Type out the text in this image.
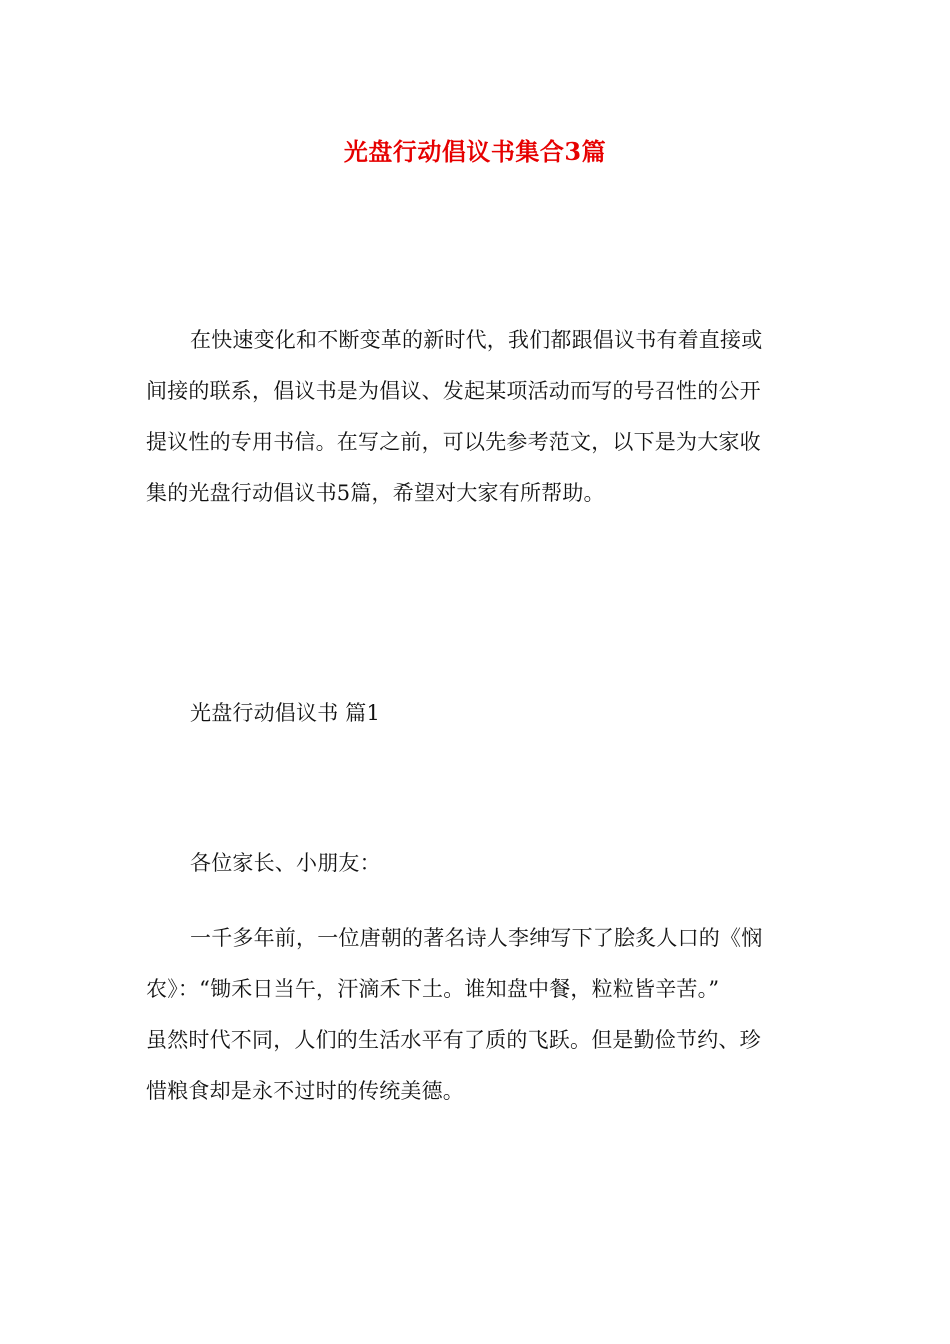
光盘行动倡议书集合3篇
在快速变化和不断变革的新时代，我们都跟倡议书有着直接或
间接的联系，倡议书是为倡议、发起某项活动而写的号召性的公开
提议性的专用书信。在写之前，可以先参考范文，以下是为大家收
集的光盘行动倡议书5篇，希望对大家有所帮助。
光盘行动倡议书 篇1
各位家长、小朋友：
一千多年前，一位唐朝的著名诗人李绅写下了脍炙人口的《悯
农》：“锄禾日当午，汗滴禾下土。谁知盘中餐，粒粒皆辛苦。”
虽然时代不同，人们的生活水平有了质的飞跃。但是勤俭节约、珍
惜粮食却是永不过时的传统美德。
